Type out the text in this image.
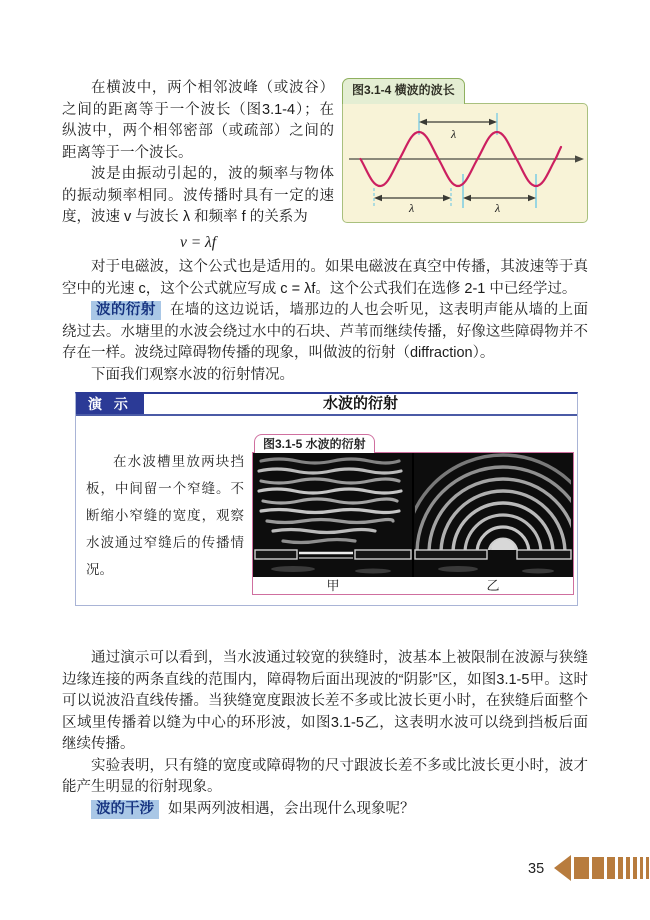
在横波中，两个相邻波峰（或波谷）之间的距离等于一个波长（图3.1-4）；在纵波中，两个相邻密部（或疏部）之间的距离等于一个波长。

波是由振动引起的，波的频率与物体的振动频率相同。波传播时具有一定的速度，波速 v 与波长 λ 和频率 f 的关系为

v = λf
图3.1-4 横波的波长
λ
λ	λ

对于电磁波，这个公式也是适用的。如果电磁波在真空中传播，其波速等于真空中的光速 c，这个公式就应写成 c = λf。这个公式我们在选修 2-1 中已经学过。

波的衍射 在墙的这边说话，墙那边的人也会听见，这表明声能从墙的上面绕过去。水塘里的水波会绕过水中的石块、芦苇而继续传播，好像这些障碍物并不存在一样。波绕过障碍物传播的现象，叫做波的衍射（diffraction）。

下面我们观察水波的衍射情况。

演 示	水波的衍射
在水波槽里放两块挡板，中间留一个窄缝。不断缩小窄缝的宽度，观察水波通过窄缝后的传播情况。
图3.1-5 水波的衍射
甲	乙

通过演示可以看到，当水波通过较宽的狭缝时，波基本上被限制在波源与狭缝边缘连接的两条直线的范围内，障碍物后面出现波的“阴影”区，如图3.1-5甲。这时可以说波沿直线传播。当狭缝宽度跟波长差不多或比波长更小时，在狭缝后面整个区域里传播着以缝为中心的环形波，如图3.1-5乙，这表明水波可以绕到挡板后面继续传播。

实验表明，只有缝的宽度或障碍物的尺寸跟波长差不多或比波长更小时，波才能产生明显的衍射现象。

波的干涉 如果两列波相遇，会出现什么现象呢？

35
